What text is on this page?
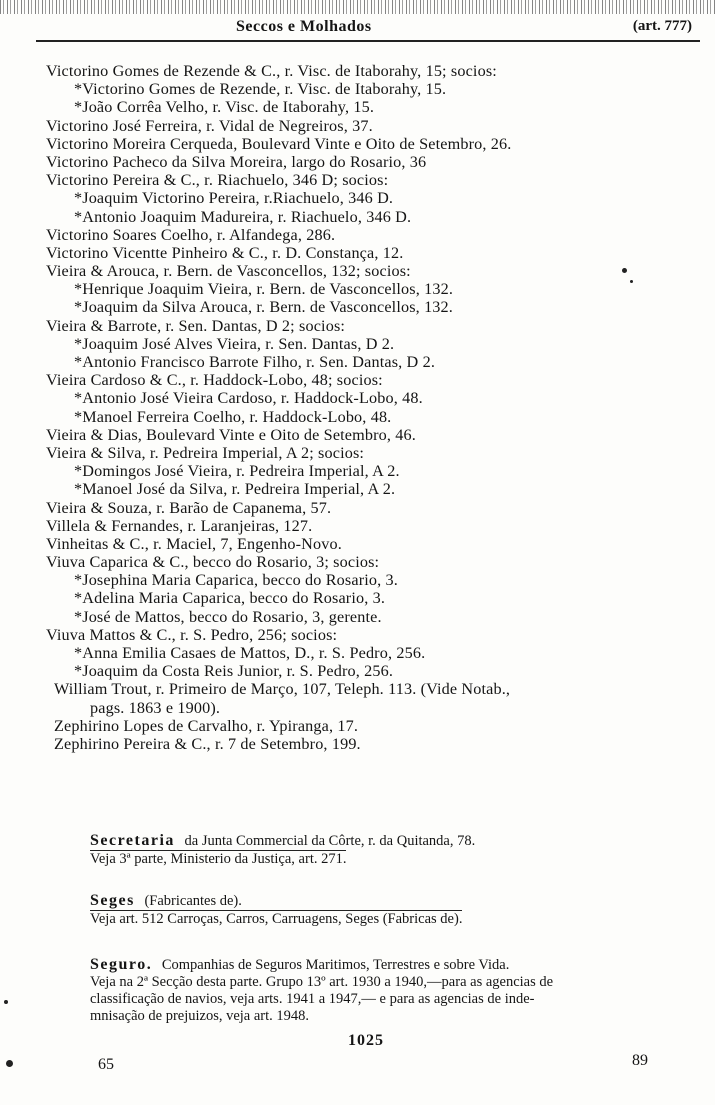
Seccos e Molhados	(art. 777)
Victorino Gomes de Rezende & C., r. Visc. de Itaborahy, 15; socios:
*Victorino Gomes de Rezende, r. Visc. de Itaborahy, 15.
*João Corrêa Velho, r. Visc. de Itaborahy, 15.
Victorino José Ferreira, r. Vidal de Negreiros, 37.
Victorino Moreira Cerqueda, Boulevard Vinte e Oito de Setembro, 26.
Victorino Pacheco da Silva Moreira, largo do Rosario, 36
Victorino Pereira & C., r. Riachuelo, 346 D; socios:
*Joaquim Victorino Pereira, r.Riachuelo, 346 D.
*Antonio Joaquim Madureira, r. Riachuelo, 346 D.
Victorino Soares Coelho, r. Alfandega, 286.
Victorino Vicentte Pinheiro & C., r. D. Constança, 12.
Vieira & Arouca, r. Bern. de Vasconcellos, 132; socios:
*Henrique Joaquim Vieira, r. Bern. de Vasconcellos, 132.
*Joaquim da Silva Arouca, r. Bern. de Vasconcellos, 132.
Vieira & Barrote, r. Sen. Dantas, D 2; socios:
*Joaquim José Alves Vieira, r. Sen. Dantas, D 2.
*Antonio Francisco Barrote Filho, r. Sen. Dantas, D 2.
Vieira Cardoso & C., r. Haddock-Lobo, 48; socios:
*Antonio José Vieira Cardoso, r. Haddock-Lobo, 48.
*Manoel Ferreira Coelho, r. Haddock-Lobo, 48.
Vieira & Dias, Boulevard Vinte e Oito de Setembro, 46.
Vieira & Silva, r. Pedreira Imperial, A 2; socios:
*Domingos José Vieira, r. Pedreira Imperial, A 2.
*Manoel José da Silva, r. Pedreira Imperial, A 2.
Vieira & Souza, r. Barão de Capanema, 57.
Villela & Fernandes, r. Laranjeiras, 127.
Vinheitas & C., r. Maciel, 7, Engenho-Novo.
Viuva Caparica & C., becco do Rosario, 3; socios:
*Josephina Maria Caparica, becco do Rosario, 3.
*Adelina Maria Caparica, becco do Rosario, 3.
*José de Mattos, becco do Rosario, 3, gerente.
Viuva Mattos & C., r. S. Pedro, 256; socios:
*Anna Emilia Casaes de Mattos, D., r. S. Pedro, 256.
*Joaquim da Costa Reis Junior, r. S. Pedro, 256.
William Trout, r. Primeiro de Março, 107, Teleph. 113. (Vide Notab.,
pags. 1863 e 1900).
Zephirino Lopes de Carvalho, r. Ypiranga, 17.
Zephirino Pereira & C., r. 7 de Setembro, 199.

Secretaria da Junta Commercial da Côrte, r. da Quitanda, 78.

Veja 3ª parte, Ministerio da Justiça, art. 271.

Seges (Fabricantes de).

Veja art. 512 Carroças, Carros, Carruagens, Seges (Fabricas de).

Seguro. Companhias de Seguros Maritimos, Terrestres e sobre Vida.

Veja na 2ª Secção desta parte. Grupo 13º art. 1930 a 1940,—para as agencias de

classificação de navios, veja arts. 1941 a 1947,— e para as agencias de inde-

mnisação de prejuizos, veja art. 1948.

1025
65	89
